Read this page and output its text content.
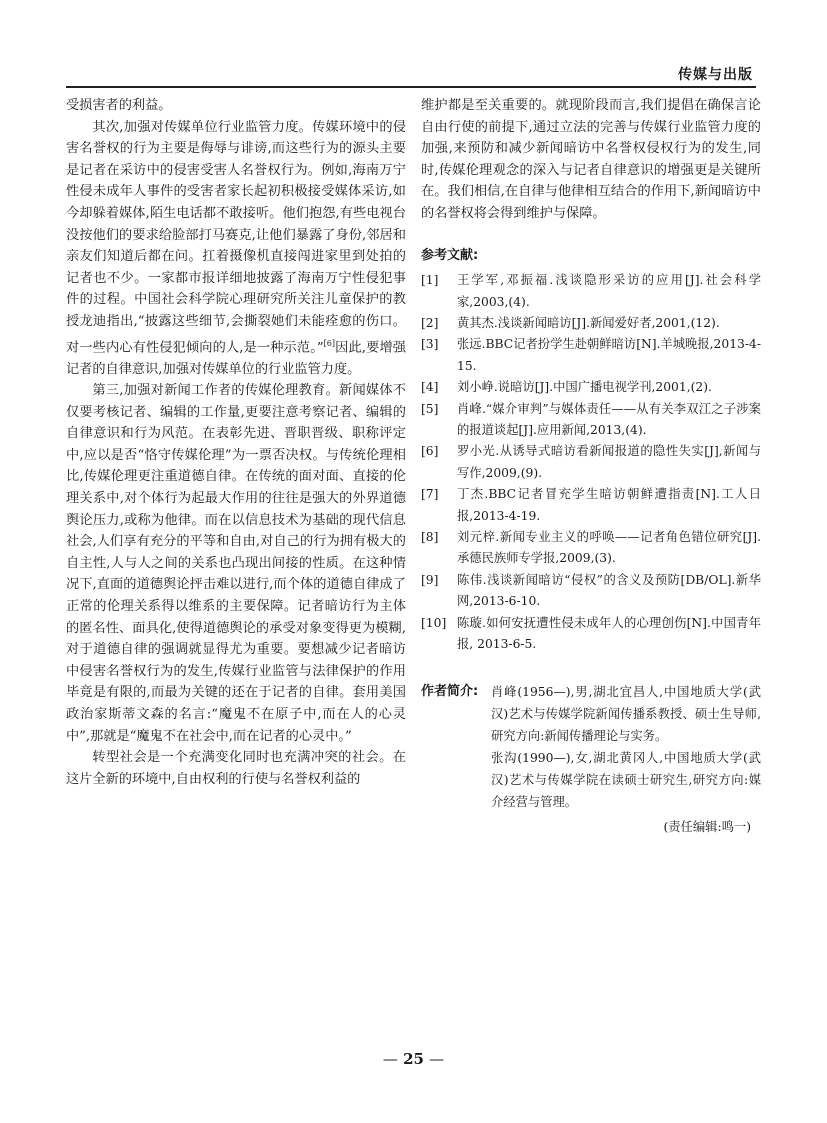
传媒与出版

受损害者的利益。

其次,加强对传媒单位行业监管力度。传媒环境中的侵害名誉权的行为主要是侮辱与诽谤,而这些行为的源头主要是记者在采访中的侵害受害人名誉权行为。例如,海南万宁性侵未成年人事件的受害者家长起初积极接受媒体采访,如今却躲着媒体,陌生电话都不敢接听。他们抱怨,有些电视台没按他们的要求给脸部打马赛克,让他们暴露了身份,邻居和亲友们知道后都在问。扛着摄像机直接闯进家里到处拍的记者也不少。一家都市报详细地披露了海南万宁性侵犯事件的过程。中国社会科学院心理研究所关注儿童保护的教授龙迪指出,“披露这些细节,会撕裂她们未能痊愈的伤口。对一些内心有性侵犯倾向的人,是一种示范。”[6]因此,要增强记者的自律意识,加强对传媒单位的行业监管力度。

第三,加强对新闻工作者的传媒伦理教育。新闻媒体不仅要考核记者、编辑的工作量,更要注意考察记者、编辑的自律意识和行为风范。在表彰先进、晋职晋级、职称评定中,应以是否“恪守传媒伦理”为一票否决权。与传统伦理相比,传媒伦理更注重道德自律。在传统的面对面、直接的伦理关系中,对个体行为起最大作用的往往是强大的外界道德舆论压力,或称为他律。而在以信息技术为基础的现代信息社会,人们享有充分的平等和自由,对自己的行为拥有极大的自主性,人与人之间的关系也凸现出间接的性质。在这种情况下,直面的道德舆论抨击难以进行,而个体的道德自律成了正常的伦理关系得以维系的主要保障。记者暗访行为主体的匿名性、面具化,使得道德舆论的承受对象变得更为模糊,对于道德自律的强调就显得尤为重要。要想减少记者暗访中侵害名誉权行为的发生,传媒行业监管与法律保护的作用毕竟是有限的,而最为关键的还在于记者的自律。套用美国政治家斯蒂文森的名言:“魔鬼不在原子中,而在人的心灵中”,那就是“魔鬼不在社会中,而在记者的心灵中。”

转型社会是一个充满变化同时也充满冲突的社会。在这片全新的环境中,自由权利的行使与名誉权利益的

维护都是至关重要的。就现阶段而言,我们提倡在确保言论自由行使的前提下,通过立法的完善与传媒行业监管力度的加强,来预防和减少新闻暗访中名誉权侵权行为的发生,同时,传媒伦理观念的深入与记者自律意识的增强更是关键所在。我们相信,在自律与他律相互结合的作用下,新闻暗访中的名誉权将会得到维护与保障。

参考文献:
[1]	王学军,邓振福.浅谈隐形采访的应用[J].社会科学家,2003,(4).
[2]	黄其杰.浅谈新闻暗访[J].新闻爱好者,2001,(12).
[3]	张远.BBC记者扮学生赴朝鲜暗访[N].羊城晚报,2013-4-15.
[4]	刘小峥.说暗访[J].中国广播电视学刊,2001,(2).
[5]	肖峰.“媒介审判”与媒体责任——从有关李双江之子涉案的报道谈起[J].应用新闻,2013,(4).
[6]	罗小光.从诱导式暗访看新闻报道的隐性失实[J],新闻与写作,2009,(9).
[7]	丁杰.BBC记者冒充学生暗访朝鲜遭指责[N].工人日报,2013-4-19.
[8]	刘元梓.新闻专业主义的呼唤——记者角色错位研究[J].承德民族师专学报,2009,(3).
[9]	陈伟.浅谈新闻暗访“侵权”的含义及预防[DB/OL].新华网,2013-6-10.
[10] 陈璇.如何安抚遭性侵未成年人的心理创伤[N].中国青年报, 2013-6-5.
作者简介:	肖峰(1956—),男,湖北宜昌人,中国地质大学(武汉)艺术与传媒学院新闻传播系教授、硕士生导师,研究方向:新闻传播理论与实务。
张沟(1990—),女,湖北黄冈人,中国地质大学(武汉)艺术与传媒学院在读硕士研究生,研究方向:媒介经营与管理。
(责任编辑:鸣一)
— 25 —
